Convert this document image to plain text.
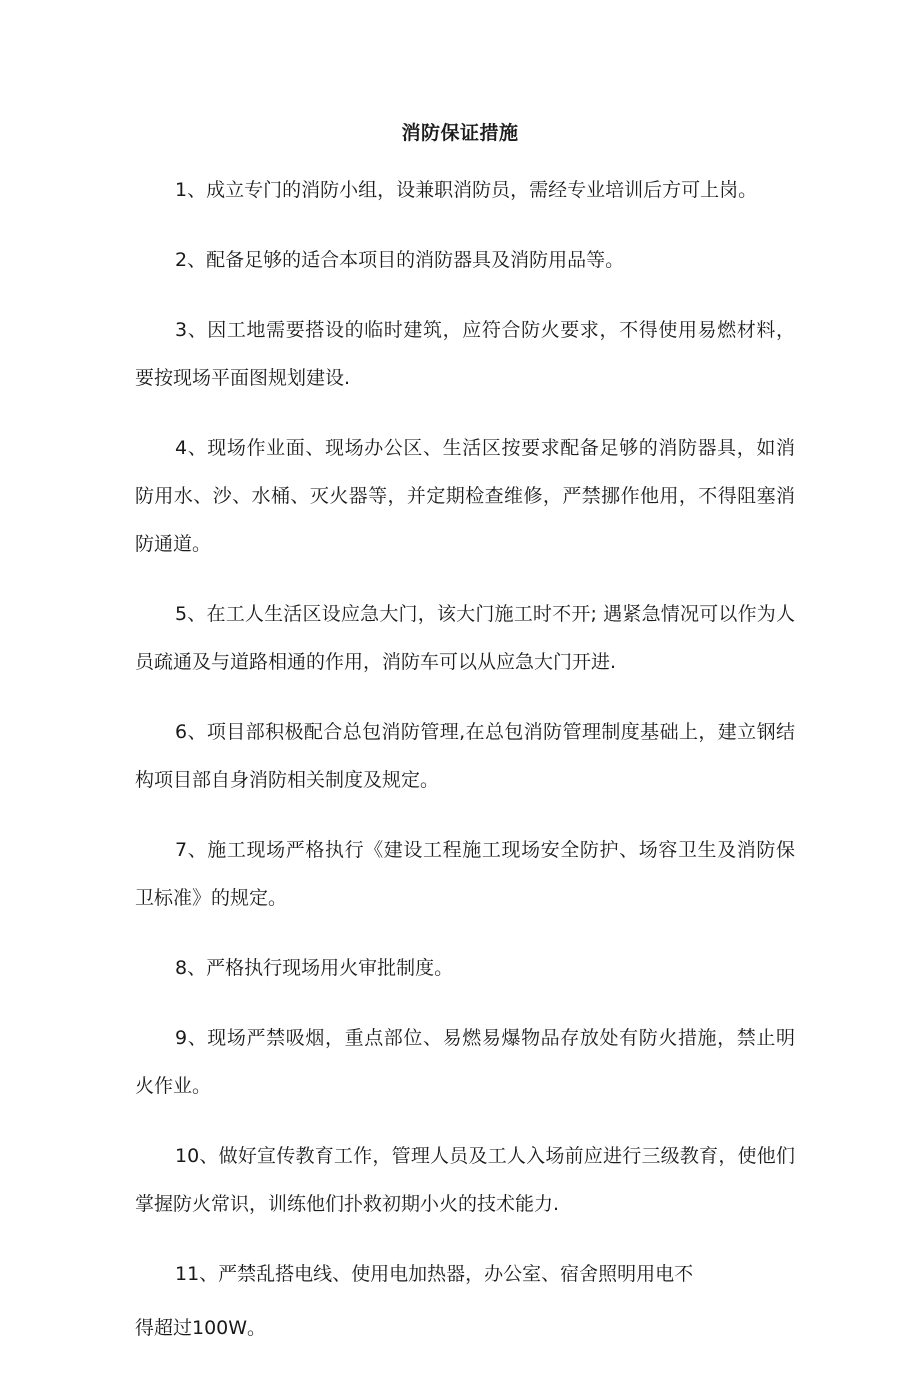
消防保证措施

1、成立专门的消防小组，设兼职消防员，需经专业培训后方可上岗。

2、配备足够的适合本项目的消防器具及消防用品等。

3、因工地需要搭设的临时建筑，应符合防火要求，不得使用易燃材料，要按现场平面图规划建设.

4、现场作业面、现场办公区、生活区按要求配备足够的消防器具，如消防用水、沙、水桶、灭火器等，并定期检查维修，严禁挪作他用，不得阻塞消防通道。

5、在工人生活区设应急大门，该大门施工时不开; 遇紧急情况可以作为人员疏通及与道路相通的作用，消防车可以从应急大门开进.

6、项目部积极配合总包消防管理,在总包消防管理制度基础上，建立钢结构项目部自身消防相关制度及规定。

7、施工现场严格执行《建设工程施工现场安全防护、场容卫生及消防保卫标准》的规定。

8、严格执行现场用火审批制度。

9、现场严禁吸烟，重点部位、易燃易爆物品存放处有防火措施，禁止明火作业。

10、做好宣传教育工作，管理人员及工人入场前应进行三级教育，使他们掌握防火常识，训练他们扑救初期小火的技术能力.

11、严禁乱搭电线、使用电加热器，办公室、宿舍照明用电不

得超过100W。
